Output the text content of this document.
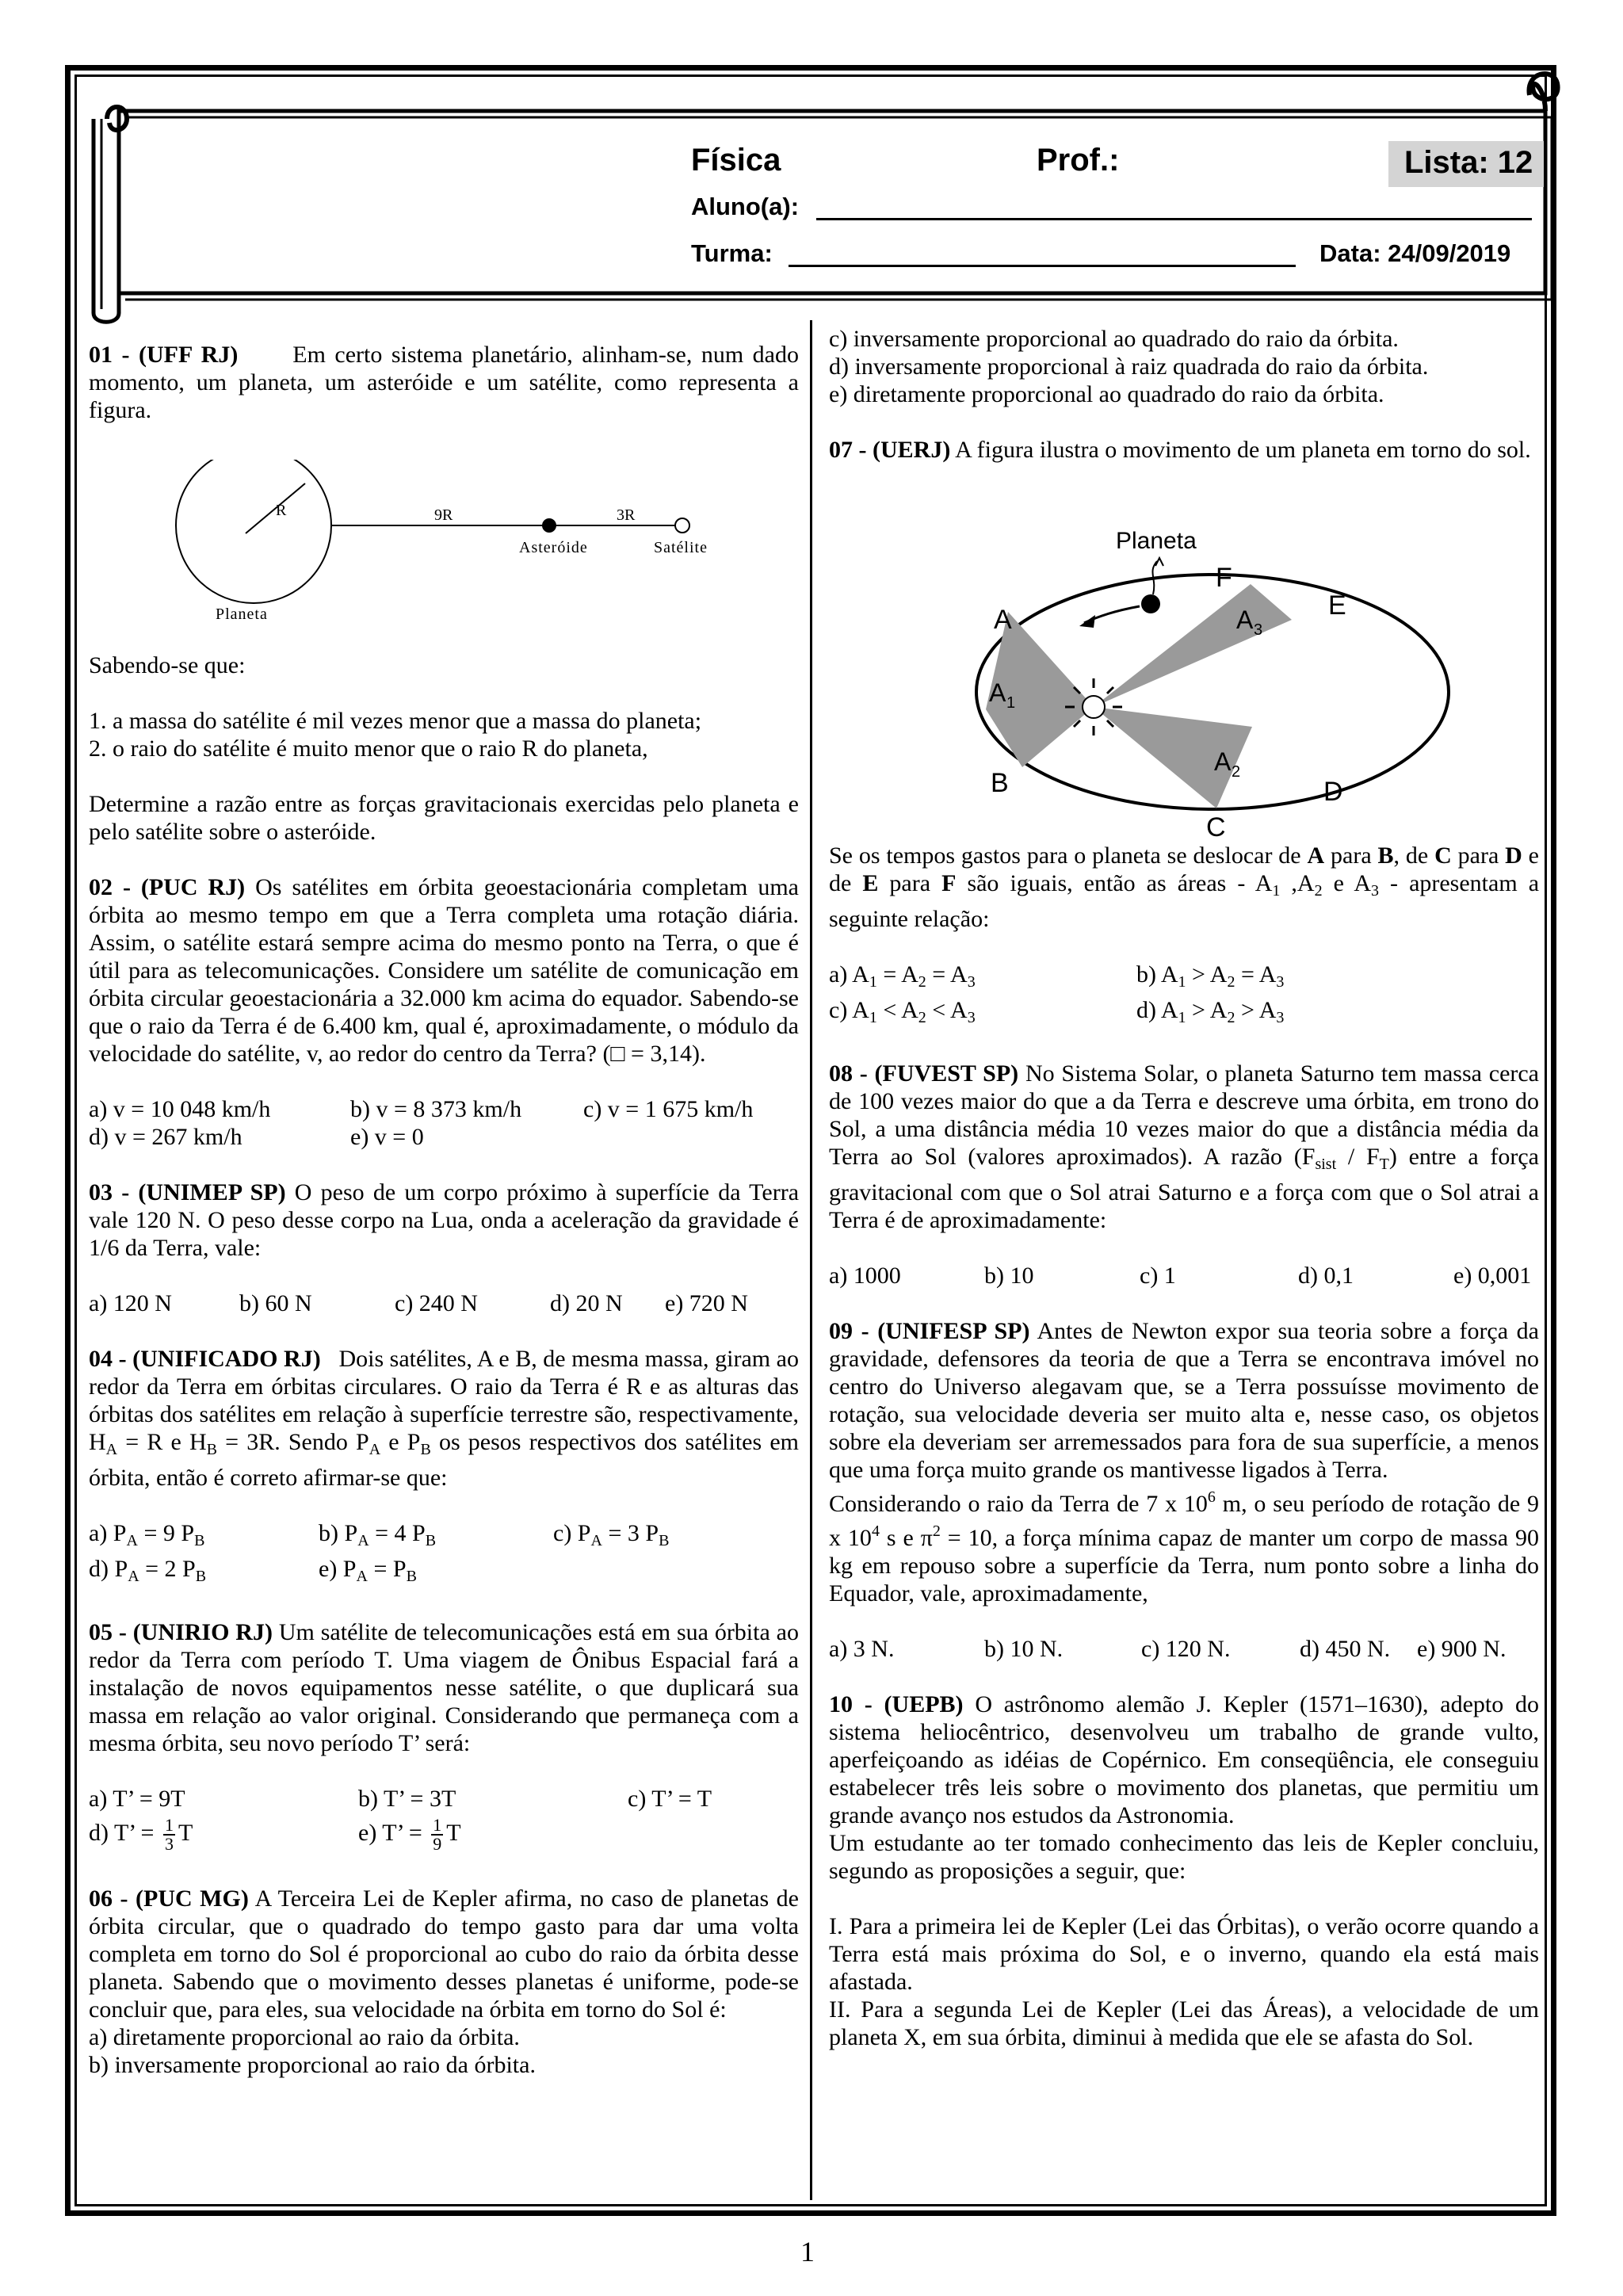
Física	Prof.:	Lista: 12
Aluno(a):
Turma:	Data: 24/09/2019

01 - (UFF RJ) Em certo sistema planetário, alinham-se, num dado momento, um planeta, um asteróide e um satélite, como representa a figura.

R	9R	3R
Asteróide	Satélite
Planeta

Sabendo-se que:

1. a massa do satélite é mil vezes menor que a massa do planeta;

2. o raio do satélite é muito menor que o raio R do planeta,

Determine a razão entre as forças gravitacionais exercidas pelo planeta e pelo satélite sobre o asteróide.

02 - (PUC RJ) Os satélites em órbita geoestacionária completam uma órbita ao mesmo tempo em que a Terra completa uma rotação diária. Assim, o satélite estará sempre acima do mesmo ponto na Terra, o que é útil para as telecomunicações. Considere um satélite de comunicação em órbita circular geoestacionária a 32.000 km acima do equador. Sabendo-se que o raio da Terra é de 6.400 km, qual é, aproximadamente, o módulo da velocidade do satélite, v, ao redor do centro da Terra? (□ = 3,14).

a) v = 10 048 km/h	b) v = 8 373 km/h	c) v = 1 675 km/h
d) v = 267 km/h	e) v = 0

03 - (UNIMEP SP) O peso de um corpo próximo à superfície da Terra vale 120 N. O peso desse corpo na Lua, onda a aceleração da gravidade é 1/6 da Terra, vale:

a) 120 N	b) 60 N	c) 240 N	d) 20 N	e) 720 N

04 - (UNIFICADO RJ) Dois satélites, A e B, de mesma massa, giram ao redor da Terra em órbitas circulares. O raio da Terra é R e as alturas das órbitas dos satélites em relação à superfície terrestre são, respectivamente, $H_A = R$ e $H_B = 3R$. Sendo $P_A$ e $P_B$ os pesos respectivos dos satélites em órbita, então é correto afirmar-se que:

a) $P_A = 9$ $P_B$	b) $P_A = 4$ $P_B$	c) $P_A = 3$ $P_B$
d) $P_A = 2$ $P_B$	e) $P_A = P_B$

05 - (UNIRIO RJ) Um satélite de telecomunicações está em sua órbita ao redor da Terra com período T. Uma viagem de Ônibus Espacial fará a instalação de novos equipamentos nesse satélite, o que duplicará sua massa em relação ao valor original. Considerando que permaneça com a mesma órbita, seu novo período T’ será:

a) T’ = 9T	b) T’ = 3T	c) T’ = T
d) T’ = $\frac{1}{3}$ T	e) T’ = $\frac{1}{9}$ T

06 - (PUC MG) A Terceira Lei de Kepler afirma, no caso de planetas de órbita circular, que o quadrado do tempo gasto para dar uma volta completa em torno do Sol é proporcional ao cubo do raio da órbita desse planeta. Sabendo que o movimento desses planetas é uniforme, pode-se concluir que, para eles, sua velocidade na órbita em torno do Sol é:

a) diretamente proporcional ao raio da órbita.

b) inversamente proporcional ao raio da órbita.

c) inversamente proporcional ao quadrado do raio da órbita.

d) inversamente proporcional à raiz quadrada do raio da órbita.

e) diretamente proporcional ao quadrado do raio da órbita.

07 - (UERJ) A figura ilustra o movimento de um planeta em torno do sol.

Planeta
A
B
C
D
E
F
A 1
A 2
A 3

Se os tempos gastos para o planeta se deslocar de A para B, de C para D e de E para F são iguais, então as áreas - $A_1$ $,A_2$ e $A_3$ - apresentam a seguinte relação:

a) $A_1 = A_2 = A_3$	b) $A_1 > A_2 = A_3$
c) $A_1 < A_2 < A_3$	d) $A_1 > A_2 > A_3$

08 - (FUVEST SP) No Sistema Solar, o planeta Saturno tem massa cerca de 100 vezes maior do que a da Terra e descreve uma órbita, em trono do Sol, a uma distância média 10 vezes maior do que a distância média da Terra ao Sol (valores aproximados). A razão $(F_{sist} / F_T)$ entre a força gravitacional com que o Sol atrai Saturno e a força com que o Sol atrai a Terra é de aproximadamente:

a) 1000	b) 10	c) 1	d) 0,1	e) 0,001

09 - (UNIFESP SP) Antes de Newton expor sua teoria sobre a força da gravidade, defensores da teoria de que a Terra se encontrava imóvel no centro do Universo alegavam que, se a Terra possuísse movimento de rotação, sua velocidade deveria ser muito alta e, nesse caso, os objetos sobre ela deveriam ser arremessados para fora de sua superfície, a menos que uma força muito grande os mantivesse ligados à Terra.

Considerando o raio da Terra de 7 x $10^6$ m, o seu período de rotação de 9 x $10^4$ s e $\pi^2 = 10$, a força mínima capaz de manter um corpo de massa 90 kg em repouso sobre a superfície da Terra, num ponto sobre a linha do Equador, vale, aproximadamente,

a) 3 N.	b) 10 N.	c) 120 N.	d) 450 N.	e) 900 N.

10 - (UEPB) O astrônomo alemão J. Kepler (1571–1630), adepto do sistema heliocêntrico, desenvolveu um trabalho de grande vulto, aperfeiçoando as idéias de Copérnico. Em conseqüência, ele conseguiu estabelecer três leis sobre o movimento dos planetas, que permitiu um grande avanço nos estudos da Astronomia.

Um estudante ao ter tomado conhecimento das leis de Kepler concluiu, segundo as proposições a seguir, que:

I. Para a primeira lei de Kepler (Lei das Órbitas), o verão ocorre quando a Terra está mais próxima do Sol, e o inverno, quando ela está mais afastada.

II. Para a segunda Lei de Kepler (Lei das Áreas), a velocidade de um planeta X, em sua órbita, diminui à medida que ele se afasta do Sol.

1
